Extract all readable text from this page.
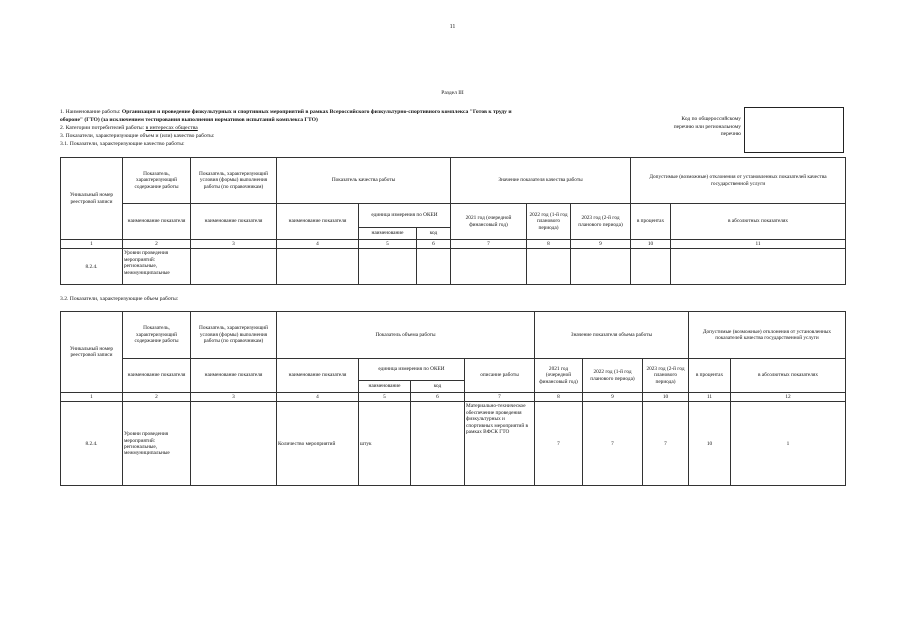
11
Раздел III
1. Наименование работы: Организация и проведение физкультурных и спортивных мероприятий в рамках Всероссийского физкультурно-спортивного комплекса "Готов к труду и
обороне" (ГТО) (за исключением тестирования выполнения нормативов испытаний комплекса ГТО)
2. Категории потребителей работы: в интересах общества
3. Показатели, характеризующие объем и (или) качество работы:
3.1. Показатели, характеризующие качество работы:
Код по общероссийскому
перечню или региональному
перечню
Уникальный номер реестровой записи	Показатель, характеризующий содержание работы	Показатель, характеризующий условия (формы) выполнения работы (по справочникам)	Показатель качества работы			Значение показателя качества работы			Допустимые (возможные) отклонения от установленных показателей качества государственной услуги	
	наименование показателя	наименование показателя	наименование показателя	единица измерения по ОКЕИ		2021 год (очередной финансовый год)	2022 год (1-й год планового периода)	2023 год (2-й год планового периода)	в процентах	в абсолютных показателях
				наименование	код					
1	2	3	4	5	6	7	8	9	10	11
8.2.4.	Уровни проведения мероприятий: региональные, межмуниципальные									
3.2. Показатели, характеризующие объем работы:
Уникальный номер реестровой записи	Показатель, характеризующий содержание работы	Показатель, характеризующий условия (формы) выполнения работы (по справочникам)	Показатель объема работы				Значение показателя объема работы			Допустимые (возможные) отклонения от установленных показателей качества государственной услуги	
	наименование показателя	наименование показателя	наименование показателя	единица измерения по ОКЕИ		описание работы	2021 год (очередной финансовый год)	2022 год (1-й год планового периода)	2023 год (2-й год планового периода)	в процентах	в абсолютных показателях
				наименование	код						
1	2	3	4	5	6	7	8	9	10	11	12
8.2.4.	Уровни проведения мероприятий: региональные, межмуниципальные		Количество мероприятий	штук		Материально-техническое обеспечение проведения физкультурных и спортивных мероприятий в рамках ВФСК ГТО	7	7	7	10	1
